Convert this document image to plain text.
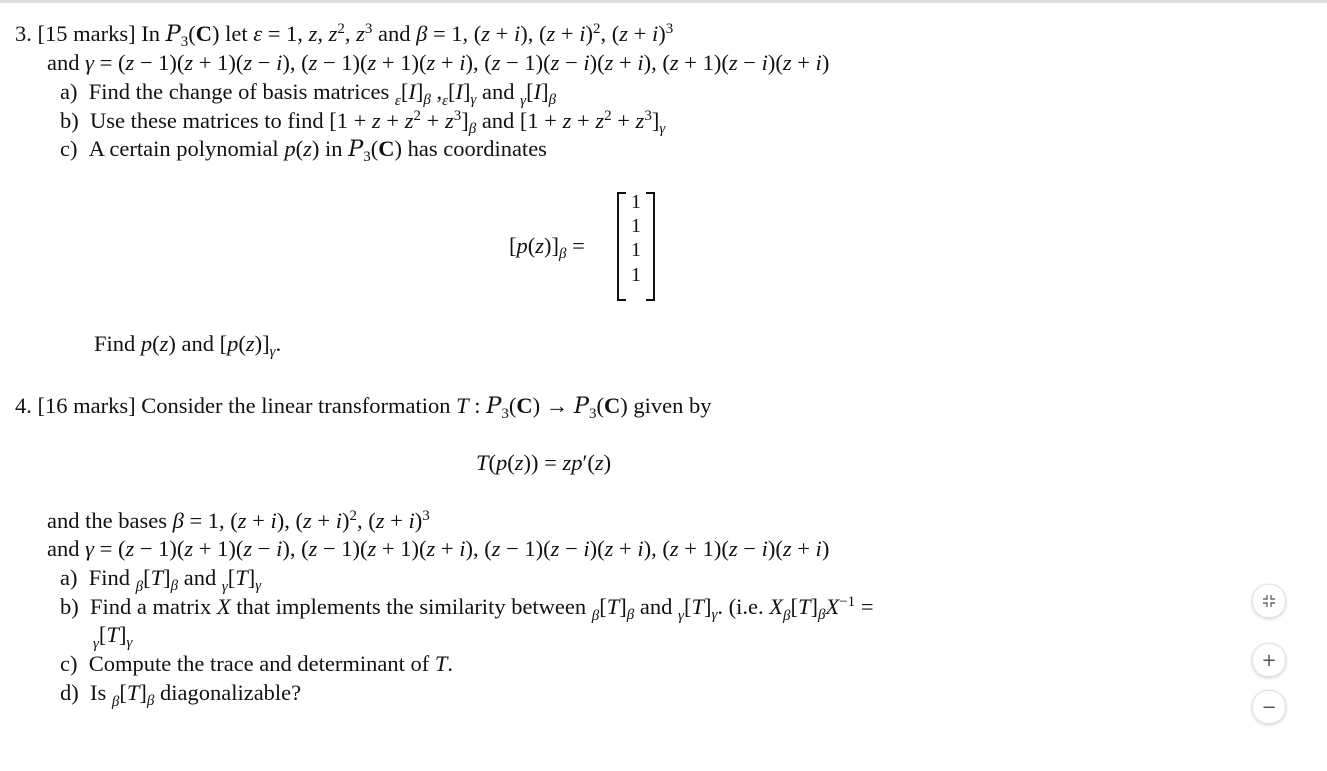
3. [15 marks] In $P_3(C)$ let ε = 1, z, $z^2$, $z^3$ and β = 1, (z + i), $(z + i)^2$, $(z + i)^3$
and γ = (z − 1)(z + 1)(z − i), (z − 1)(z + 1)(z + i), (z − 1)(z − i)(z + i), (z + 1)(z − i)(z + i)
a)  Find the change of basis matrices $_\varepsilon[I]_\beta$ $,_\varepsilon[I]_\gamma$ and $_\gamma[I]_\beta$
b)  Use these matrices to find $[1 + z + z^2 + z^3]_\beta$ and $[1 + z + z^2 + z^3]_\gamma$
c)  A certain polynomial p(z) in $P_3(C)$ has coordinates
$[p(z)]_\beta$ =
1
1
1
1
Find p(z) and $[p(z)]_\gamma$.
4. [16 marks] Consider the linear transformation T : $P_3(C) \to P_3(C)$ given by
T(p(z)) = zp′(z)
and the bases β = 1, (z + i), $(z + i)^2$, $(z + i)^3$
and γ = (z − 1)(z + 1)(z − i), (z − 1)(z + 1)(z + i), (z − 1)(z − i)(z + i), (z + 1)(z − i)(z + i)
a)  Find $_\beta[T]_\beta$ and $_\gamma[T]_\gamma$
b)  Find a matrix X that implements the similarity between $_\beta[T]_\beta$ and $_\gamma[T]_\gamma$. (i.e. $X_\beta[T]_\beta X^{-1}$ =
$_\gamma[T]_\gamma$
c)  Compute the trace and determinant of T.
d)  Is $_\beta[T]_\beta$ diagonalizable?
+
−
